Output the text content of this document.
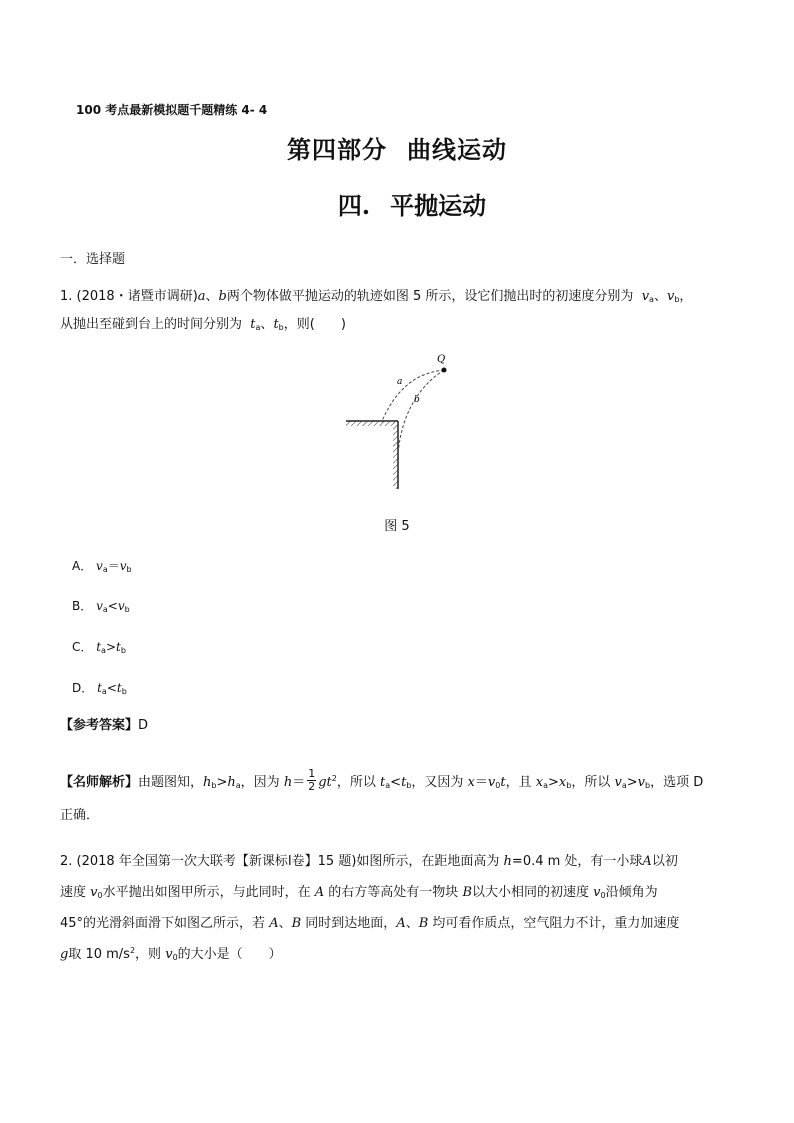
100 考点最新模拟题千题精练 4- 4
第四部分 曲线运动
四. 平抛运动
一．选择题
1. (2018・诸暨市调研)a、b两个物体做平抛运动的轨迹如图 5 所示，设它们抛出时的初速度分别为 $v_a$、$v_b$，
从抛出至碰到台上的时间分别为 $t_a$、$t_b$，则(　　)
Q
a
b
图 5
A． $v_a=v_b$
B． $v_a<v_b$
C． $t_a>t_b$
D． $t_a<t_b$
【参考答案】D
【名师解析】由题图知，$h_b>h_a$，因为 $h= \frac{1}{2} gt^2$，所以 $t_a<t_b$，又因为 $x=v_0t$，且 $x_a>x_b$，所以 $v_a>v_b$，选项 D
正确．
2. (2018 年全国第一次大联考【新课标Ⅰ卷】15 题)如图所示，在距地面高为 h=0.4 m 处，有一小球A以初
速度 $v_0$水平抛出如图甲所示，与此同时，在 A 的右方等高处有一物块 B以大小相同的初速度 $v_0$沿倾角为
45°的光滑斜面滑下如图乙所示，若 A、B 同时到达地面，A、B 均可看作质点，空气阻力不计，重力加速度
g取 10 $m/s^2$，则 $v_0$的大小是（　　）
